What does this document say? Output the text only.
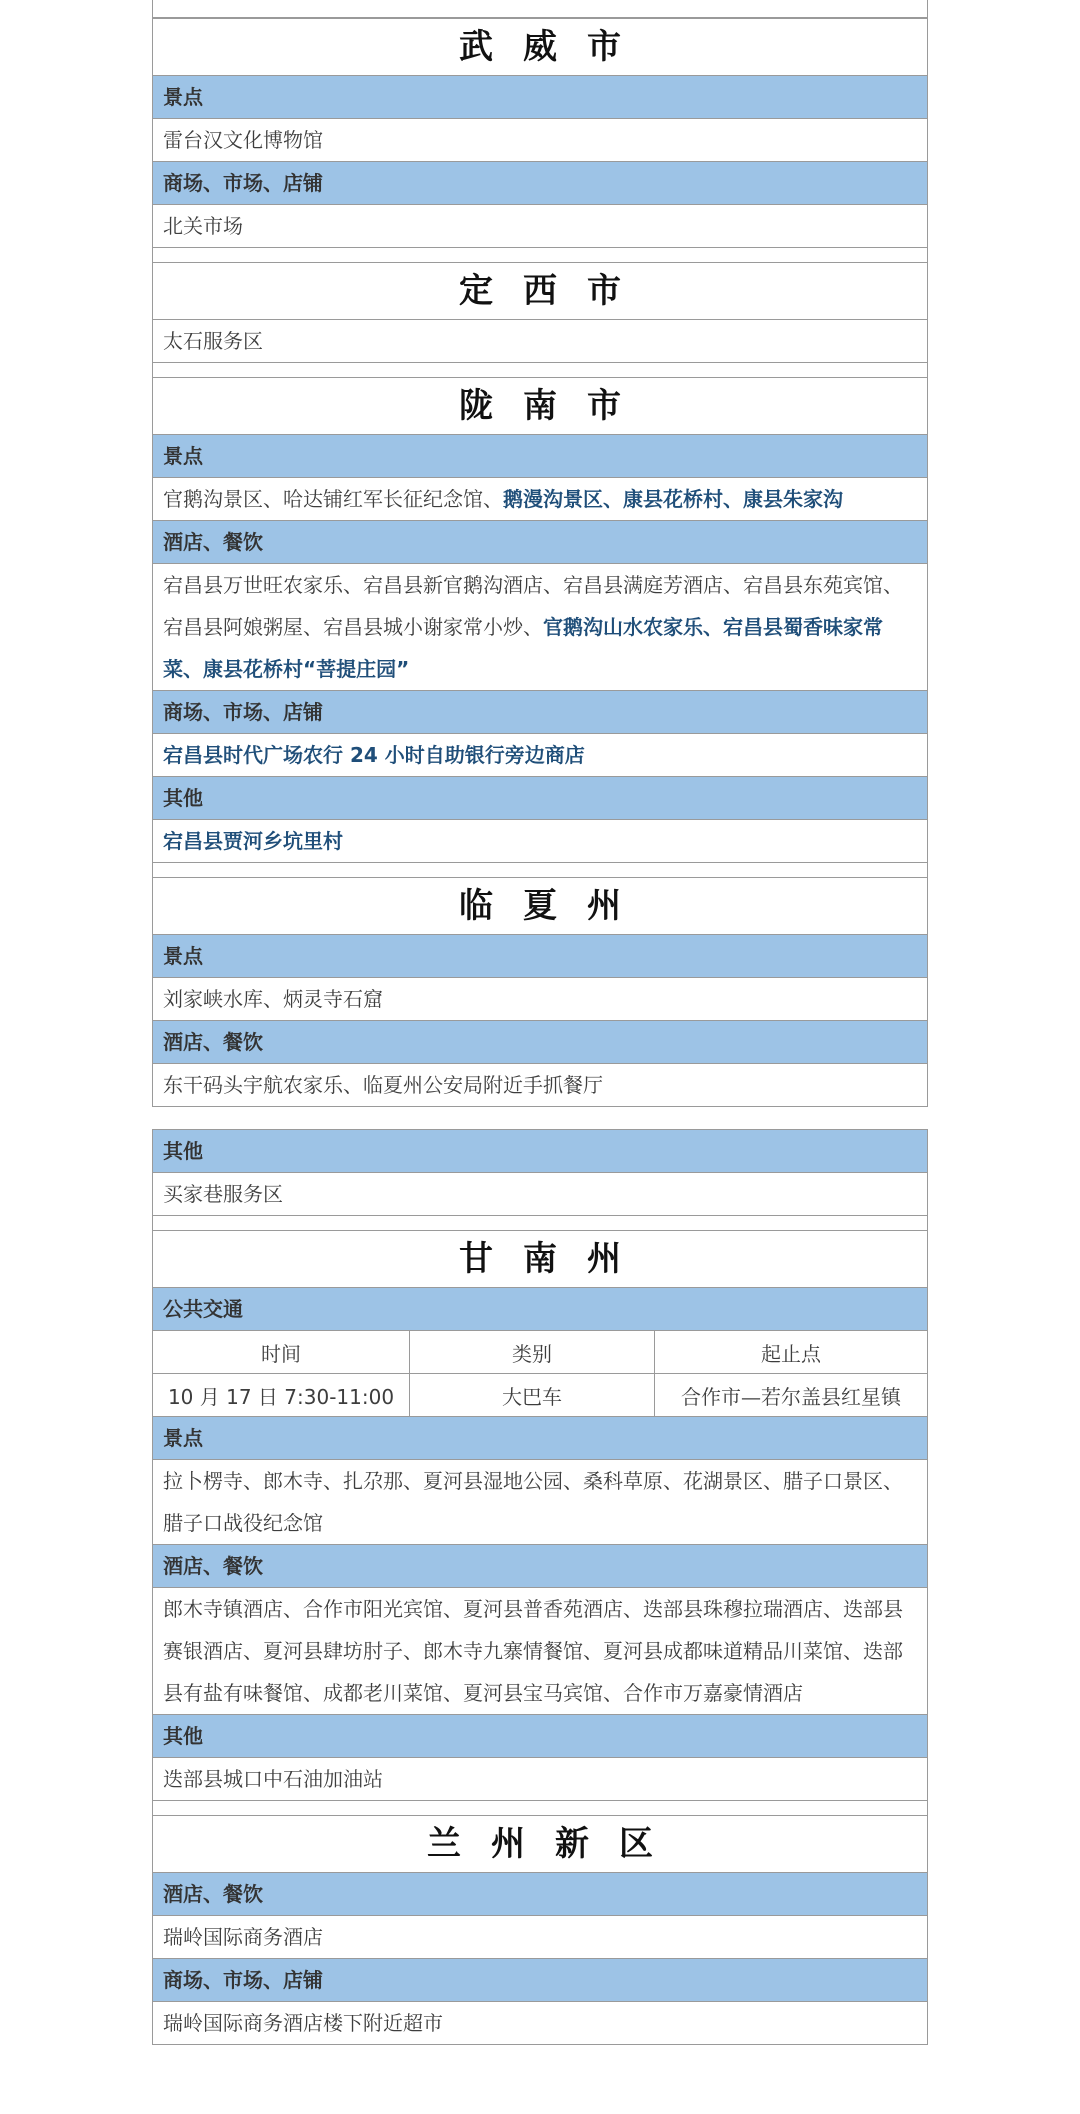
武威市
景点
雷台汉文化博物馆
商场、市场、店铺
北关市场
定西市
太石服务区
陇南市
景点
官鹅沟景区、哈达铺红军长征纪念馆、鹅漫沟景区、康县花桥村、康县朱家沟
酒店、餐饮
宕昌县万世旺农家乐、宕昌县新官鹅沟酒店、宕昌县满庭芳酒店、宕昌县东苑宾馆、宕昌县阿娘粥屋、宕昌县城小谢家常小炒、官鹅沟山水农家乐、宕昌县蜀香味家常菜、康县花桥村“菩提庄园”
商场、市场、店铺
宕昌县时代广场农行 24 小时自助银行旁边商店
其他
宕昌县贾河乡坑里村
临夏州
景点
刘家峡水库、炳灵寺石窟
酒店、餐饮
东干码头宇航农家乐、临夏州公安局附近手抓餐厅
其他
买家巷服务区
甘南州
公共交通
时间	类别	起止点
10 月 17 日 7:30-11:00	大巴车	合作市—若尔盖县红星镇
景点
拉卜楞寺、郎木寺、扎尕那、夏河县湿地公园、桑科草原、花湖景区、腊子口景区、腊子口战役纪念馆
酒店、餐饮
郎木寺镇酒店、合作市阳光宾馆、夏河县普香苑酒店、迭部县珠穆拉瑞酒店、迭部县赛银酒店、夏河县肆坊肘子、郎木寺九寨情餐馆、夏河县成都味道精品川菜馆、迭部县有盐有味餐馆、成都老川菜馆、夏河县宝马宾馆、合作市万嘉豪情酒店
其他
迭部县城口中石油加油站
兰州新区
酒店、餐饮
瑞岭国际商务酒店
商场、市场、店铺
瑞岭国际商务酒店楼下附近超市
